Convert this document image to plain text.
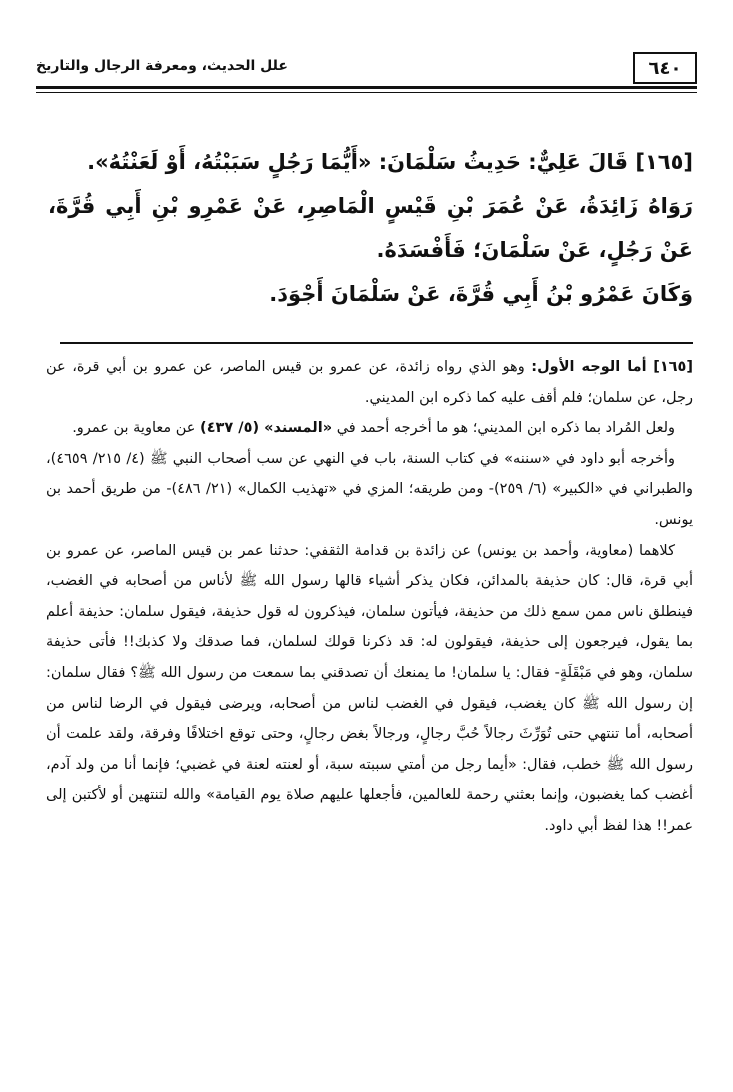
٦٤٠
علل الحديث، ومعرفة الرجال والتاريخ

[١٦٥] قَالَ عَلِيٌّ: حَدِيثُ سَلْمَانَ: «أَيُّمَا رَجُلٍ سَبَبْتُهُ، أَوْ لَعَنْتُهُ».

رَوَاهُ زَائِدَةُ، عَنْ عُمَرَ بْنِ قَيْسٍ الْمَاصِرِ، عَنْ عَمْرِو بْنِ أَبِي قُرَّةَ، عَنْ رَجُلٍ، عَنْ سَلْمَانَ؛ فَأَفْسَدَهُ.

وَكَانَ عَمْرُو بْنُ أَبِي قُرَّةَ، عَنْ سَلْمَانَ أَجْوَدَ.

[١٦٥] أما الوجه الأول: وهو الذي رواه زائدة، عن عمرو بن قيس الماصر، عن عمرو بن أبي قرة، عن رجل، عن سلمان؛ فلم أقف عليه كما ذكره ابن المديني.

ولعل المُراد بما ذكره ابن المديني؛ هو ما أخرجه أحمد في «المسند» (٥/ ٤٣٧) عن معاوية بن عمرو.

وأخرجه أبو داود في «سننه» في كتاب السنة، باب في النهي عن سب أصحاب النبي ﷺ (٤/ ٢١٥/ ٤٦٥٩)، والطبراني في «الكبير» (٦/ ٢٥٩)- ومن طريقه؛ المزي في «تهذيب الكمال» (٢١/ ٤٨٦)- من طريق أحمد بن يونس.

كلاهما (معاوية، وأحمد بن يونس) عن زائدة بن قدامة الثقفي: حدثنا عمر بن قيس الماصر، عن عمرو بن أبي قرة، قال: كان حذيفة بالمدائن، فكان يذكر أشياء قالها رسول الله ﷺ لأناس من أصحابه في الغضب، فينطلق ناس ممن سمع ذلك من حذيفة، فيأتون سلمان، فيذكرون له قول حذيفة، فيقول سلمان: حذيفة أعلم بما يقول، فيرجعون إلى حذيفة، فيقولون له: قد ذكرنا قولك لسلمان، فما صدقك ولا كذبك!! فأتى حذيفة سلمان، وهو في مَبْقَلَةٍ- فقال: يا سلمان! ما يمنعك أن تصدقني بما سمعت من رسول الله ﷺ؟ فقال سلمان: إن رسول الله ﷺ كان يغضب، فيقول في الغضب لناس من أصحابه، ويرضى فيقول في الرضا لناس من أصحابه، أما تنتهي حتى تُوَرِّثَ رجالاً حُبَّ رجالٍ، ورجالاً بغض رجالٍ، وحتى توقع اختلافًا وفرقة، ولقد علمت أن رسول الله ﷺ خطب، فقال: «أيما رجل من أمتي سببته سبة، أو لعنته لعنة في غضبي؛ فإنما أنا من ولد آدم، أغضب كما يغضبون، وإنما بعثني رحمة للعالمين، فأجعلها عليهم صلاة يوم القيامة» والله لتنتهين أو لأكتبن إلى عمر!! هذا لفظ أبي داود.
